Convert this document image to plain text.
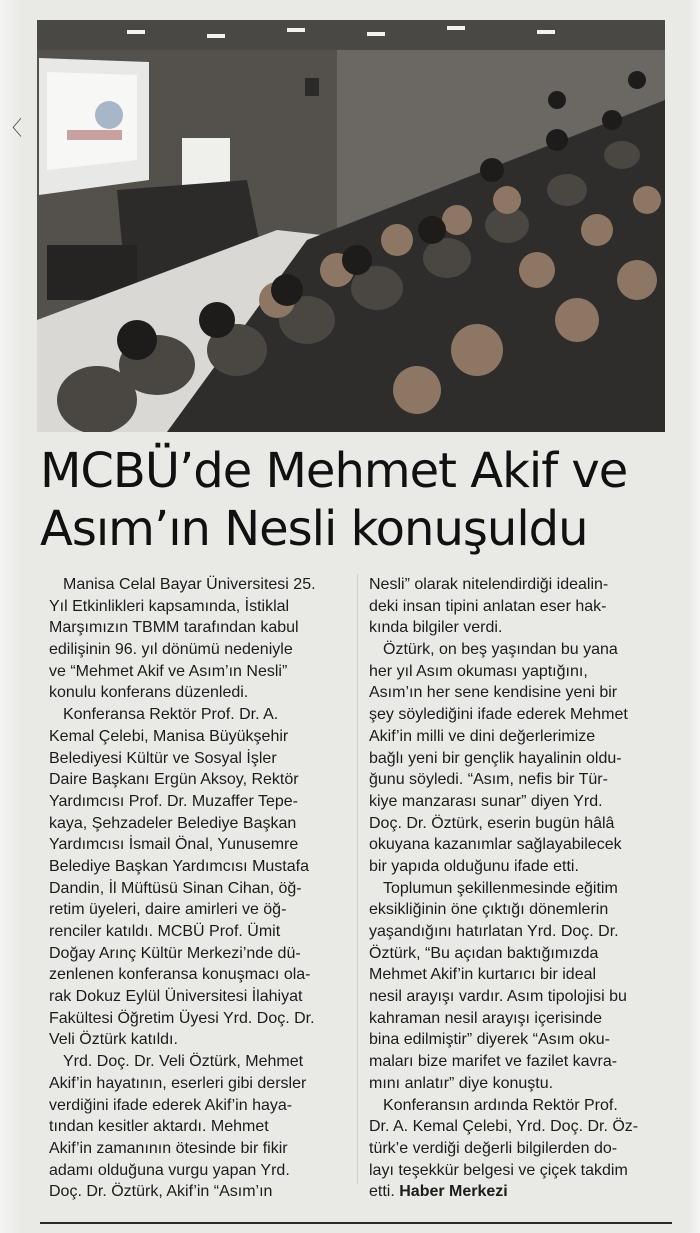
〈
MCBÜ’de Mehmet Akif ve
Asım’ın Nesli konuşuldu
Manisa Celal Bayar Üniversitesi 25.
Yıl Etkinlikleri kapsamında, İstiklal
Marşımızın TBMM tarafından kabul
edilişinin 96. yıl dönümü nedeniyle
ve “Mehmet Akif ve Asım’ın Nesli”
konulu konferans düzenledi.
Konferansa Rektör Prof. Dr. A.
Kemal Çelebi, Manisa Büyükşehir
Belediyesi Kültür ve Sosyal İşler
Daire Başkanı Ergün Aksoy, Rektör
Yardımcısı Prof. Dr. Muzaffer Tepe-
kaya, Şehzadeler Belediye Başkan
Yardımcısı İsmail Önal, Yunusemre
Belediye Başkan Yardımcısı Mustafa
Dandin, İl Müftüsü Sinan Cihan, öğ-
retim üyeleri, daire amirleri ve öğ-
renciler katıldı. MCBÜ Prof. Ümit
Doğay Arınç Kültür Merkezi’nde dü-
zenlenen konferansa konuşmacı ola-
rak Dokuz Eylül Üniversitesi İlahiyat
Fakültesi Öğretim Üyesi Yrd. Doç. Dr.
Veli Öztürk katıldı.
Yrd. Doç. Dr. Veli Öztürk, Mehmet
Akif’in hayatının, eserleri gibi dersler
verdiğini ifade ederek Akif’in haya-
tından kesitler aktardı. Mehmet
Akif’in zamanının ötesinde bir fikir
adamı olduğuna vurgu yapan Yrd.
Doç. Dr. Öztürk, Akif’in “Asım’ın
Nesli” olarak nitelendirdiği idealin-
deki insan tipini anlatan eser hak-
kında bilgiler verdi.
Öztürk, on beş yaşından bu yana
her yıl Asım okuması yaptığını,
Asım’ın her sene kendisine yeni bir
şey söylediğini ifade ederek Mehmet
Akif’in milli ve dini değerlerimize
bağlı yeni bir gençlik hayalinin oldu-
ğunu söyledi. “Asım, nefis bir Tür-
kiye manzarası sunar” diyen Yrd.
Doç. Dr. Öztürk, eserin bugün hâlâ
okuyana kazanımlar sağlayabilecek
bir yapıda olduğunu ifade etti.
Toplumun şekillenmesinde eğitim
eksikliğinin öne çıktığı dönemlerin
yaşandığını hatırlatan Yrd. Doç. Dr.
Öztürk, “Bu açıdan baktığımızda
Mehmet Akif’in kurtarıcı bir ideal
nesil arayışı vardır. Asım tipolojisi bu
kahraman nesil arayışı içerisinde
bina edilmiştir” diyerek “Asım oku-
maları bize marifet ve fazilet kavra-
mını anlatır” diye konuştu.
Konferansın ardında Rektör Prof.
Dr. A. Kemal Çelebi, Yrd. Doç. Dr. Öz-
türk’e verdiği değerli bilgilerden do-
layı teşekkür belgesi ve çiçek takdim
etti. Haber Merkezi
